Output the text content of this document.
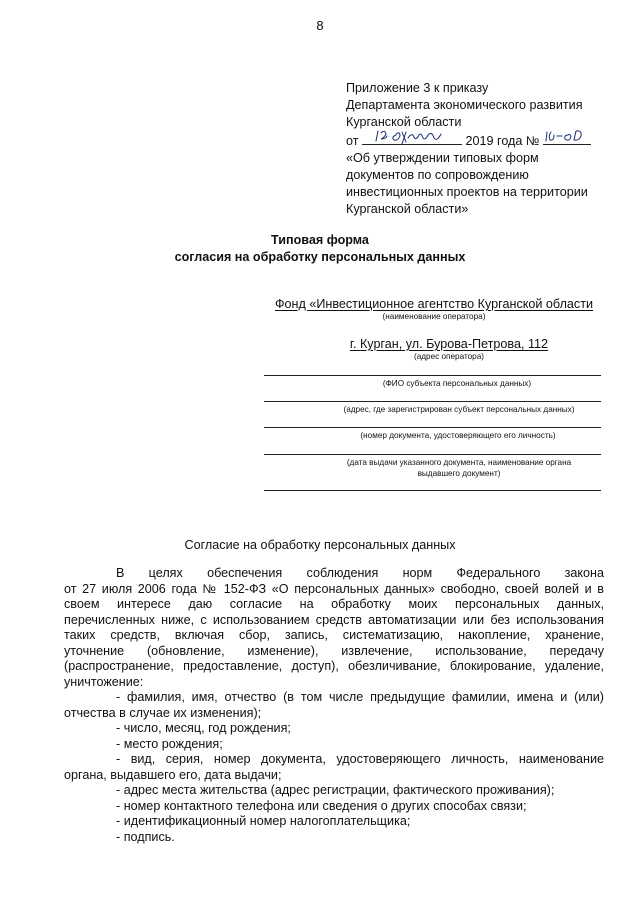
8
Приложение 3 к приказу
Департамента экономического развития
Курганской области
от	2019 года №
«Об утверждении типовых форм
документов по сопровождению
инвестиционных проектов на территории
Курганской области»
Типовая форма
согласия на обработку персональных данных
Фонд «Инвестиционное агентство Курганской области
(наименование оператора)
г. Курган, ул. Бурова-Петрова, 112
(адрес оператора)
(ФИО субъекта персональных данных)
(адрес, где зарегистрирован субъект персональных данных)
(номер документа, удостоверяющего его личность)
(дата выдачи указанного документа, наименование органа
выдавшего документ)
Согласие на обработку персональных данных
В целях обеспечения соблюдения норм Федерального закона
от 27 июля 2006 года № 152-ФЗ «О персональных данных» свободно, своей волей и в
своем интересе даю согласие на обработку моих персональных данных,
перечисленных ниже, с использованием средств автоматизации или без использования
таких средств, включая сбор, запись, систематизацию, накопление, хранение,
уточнение (обновление, изменение), извлечение, использование, передачу
(распространение, предоставление, доступ), обезличивание, блокирование, удаление,
уничтожение:
- фамилия, имя, отчество (в том числе предыдущие фамилии, имена и (или)
отчества в случае их изменения);
- число, месяц, год рождения;
- место рождения;
- вид, серия, номер документа, удостоверяющего личность, наименование
органа, выдавшего его, дата выдачи;
- адрес места жительства (адрес регистрации, фактического проживания);
- номер контактного телефона или сведения о других способах связи;
- идентификационный номер налогоплательщика;
- подпись.
